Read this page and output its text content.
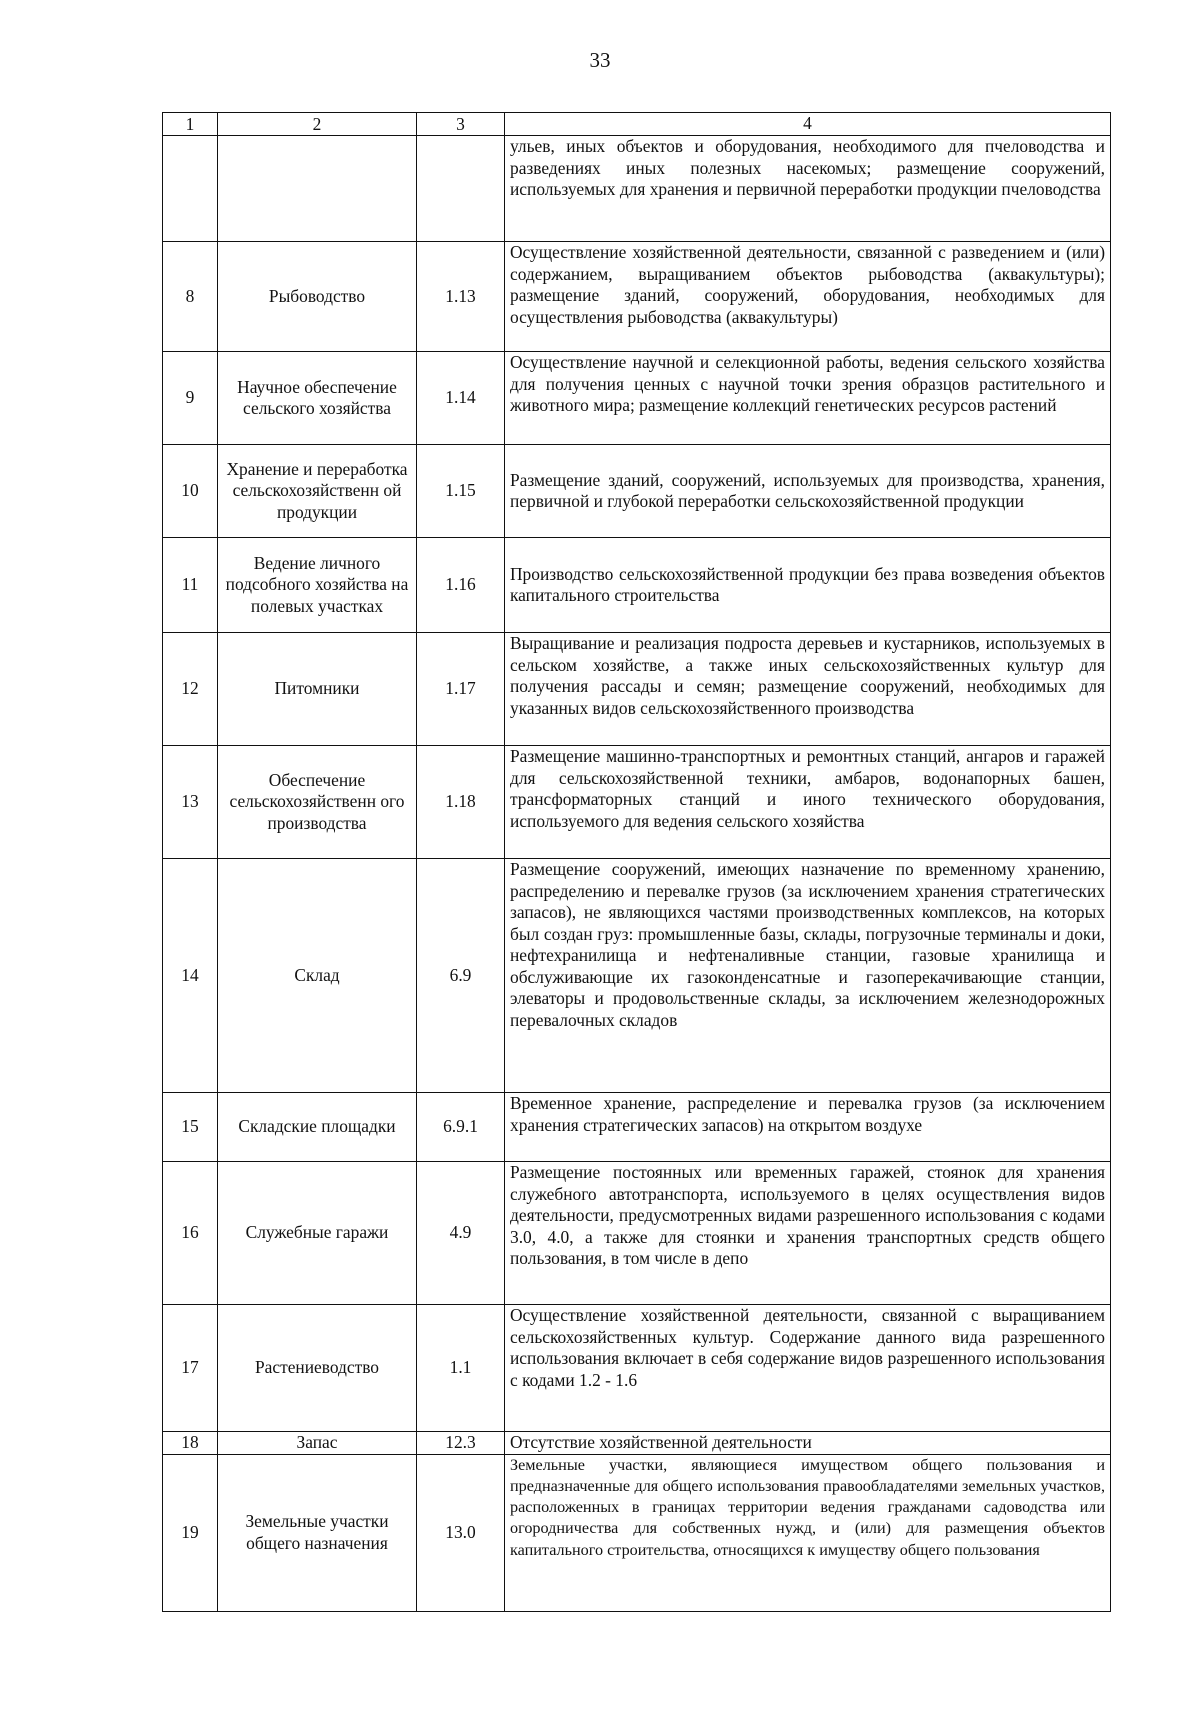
33
1	2	3	4
			ульев, иных объектов и оборудования, необходимого для пчеловодства и разведениях иных полезных насекомых; размещение сооружений, используемых для хранения и первичной переработки продукции пчеловодства
8	Рыбоводство	1.13	Осуществление хозяйственной деятельности, связанной с разведением и (или) содержанием, выращиванием объектов рыбоводства (аквакультуры); размещение зданий, сооружений, оборудования, необходимых для осуществления рыбоводства (аквакультуры)
9	Научное обеспечение сельского хозяйства	1.14	Осуществление научной и селекционной работы, ведения сельского хозяйства для получения ценных с научной точки зрения образцов растительного и животного мира; размещение коллекций генетических ресурсов растений
10	Хранение и переработка сельскохозяйственн ой продукции	1.15	Размещение зданий, сооружений, используемых для производства, хранения, первичной и глубокой переработки сельскохозяйственной продукции
11	Ведение личного подсобного хозяйства на полевых участках	1.16	Производство сельскохозяйственной продукции без права возведения объектов капитального строительства
12	Питомники	1.17	Выращивание и реализация подроста деревьев и кустарников, используемых в сельском хозяйстве, а также иных сельскохозяйственных культур для получения рассады и семян; размещение сооружений, необходимых для указанных видов сельскохозяйственного производства
13	Обеспечение сельскохозяйственн ого производства	1.18	Размещение машинно-транспортных и ремонтных станций, ангаров и гаражей для сельскохозяйственной техники, амбаров, водонапорных башен, трансформаторных станций и иного технического оборудования, используемого для ведения сельского хозяйства
14	Склад	6.9	Размещение сооружений, имеющих назначение по временному хранению, распределению и перевалке грузов (за исключением хранения стратегических запасов), не являющихся частями производственных комплексов, на которых был создан груз: промышленные базы, склады, погрузочные терминалы и доки, нефтехранилища и нефтеналивные станции, газовые хранилища и обслуживающие их газоконденсатные и газоперекачивающие станции, элеваторы и продовольственные склады, за исключением железнодорожных перевалочных складов
15	Складские площадки	6.9.1	Временное хранение, распределение и перевалка грузов (за исключением хранения стратегических запасов) на открытом воздухе
16	Служебные гаражи	4.9	Размещение постоянных или временных гаражей, стоянок для хранения служебного автотранспорта, используемого в целях осуществления видов деятельности, предусмотренных видами разрешенного использования с кодами 3.0, 4.0, а также для стоянки и хранения транспортных средств общего пользования, в том числе в депо
17	Растениеводство	1.1	Осуществление хозяйственной деятельности, связанной с выращиванием сельскохозяйственных культур. Содержание данного вида разрешенного использования включает в себя содержание видов разрешенного использования с кодами 1.2 - 1.6
18	Запас	12.3	Отсутствие хозяйственной деятельности
19	Земельные участки общего назначения	13.0	Земельные участки, являющиеся имуществом общего пользования и предназначенные для общего использования правообладателями земельных участков, расположенных в границах территории ведения гражданами садоводства или огородничества для собственных нужд, и (или) для размещения объектов капитального строительства, относящихся к имуществу общего пользования
